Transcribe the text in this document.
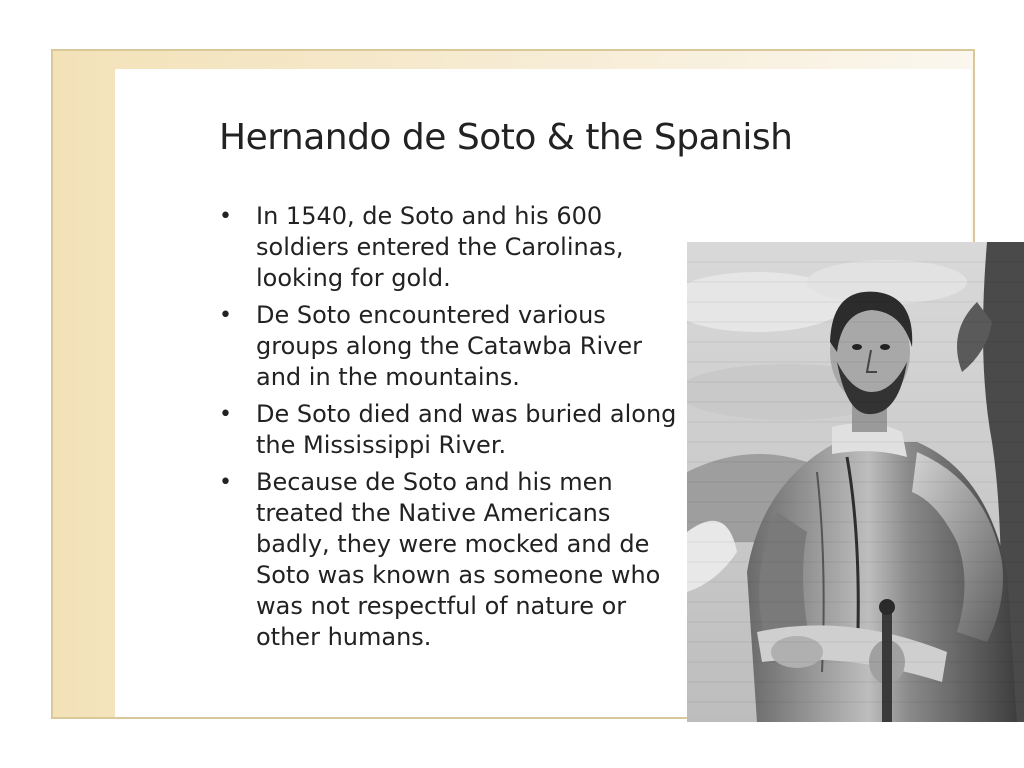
Hernando de Soto & the Spanish
• In 1540, de Soto and his 600 soldiers entered the Carolinas, looking for gold.
• De Soto encountered various groups along the Catawba River and in the mountains.
• De Soto died and was buried along the Mississippi River.
• Because de Soto and his men treated the Native Americans badly, they were mocked and de Soto was known as someone who was not respectful of nature or other humans.
